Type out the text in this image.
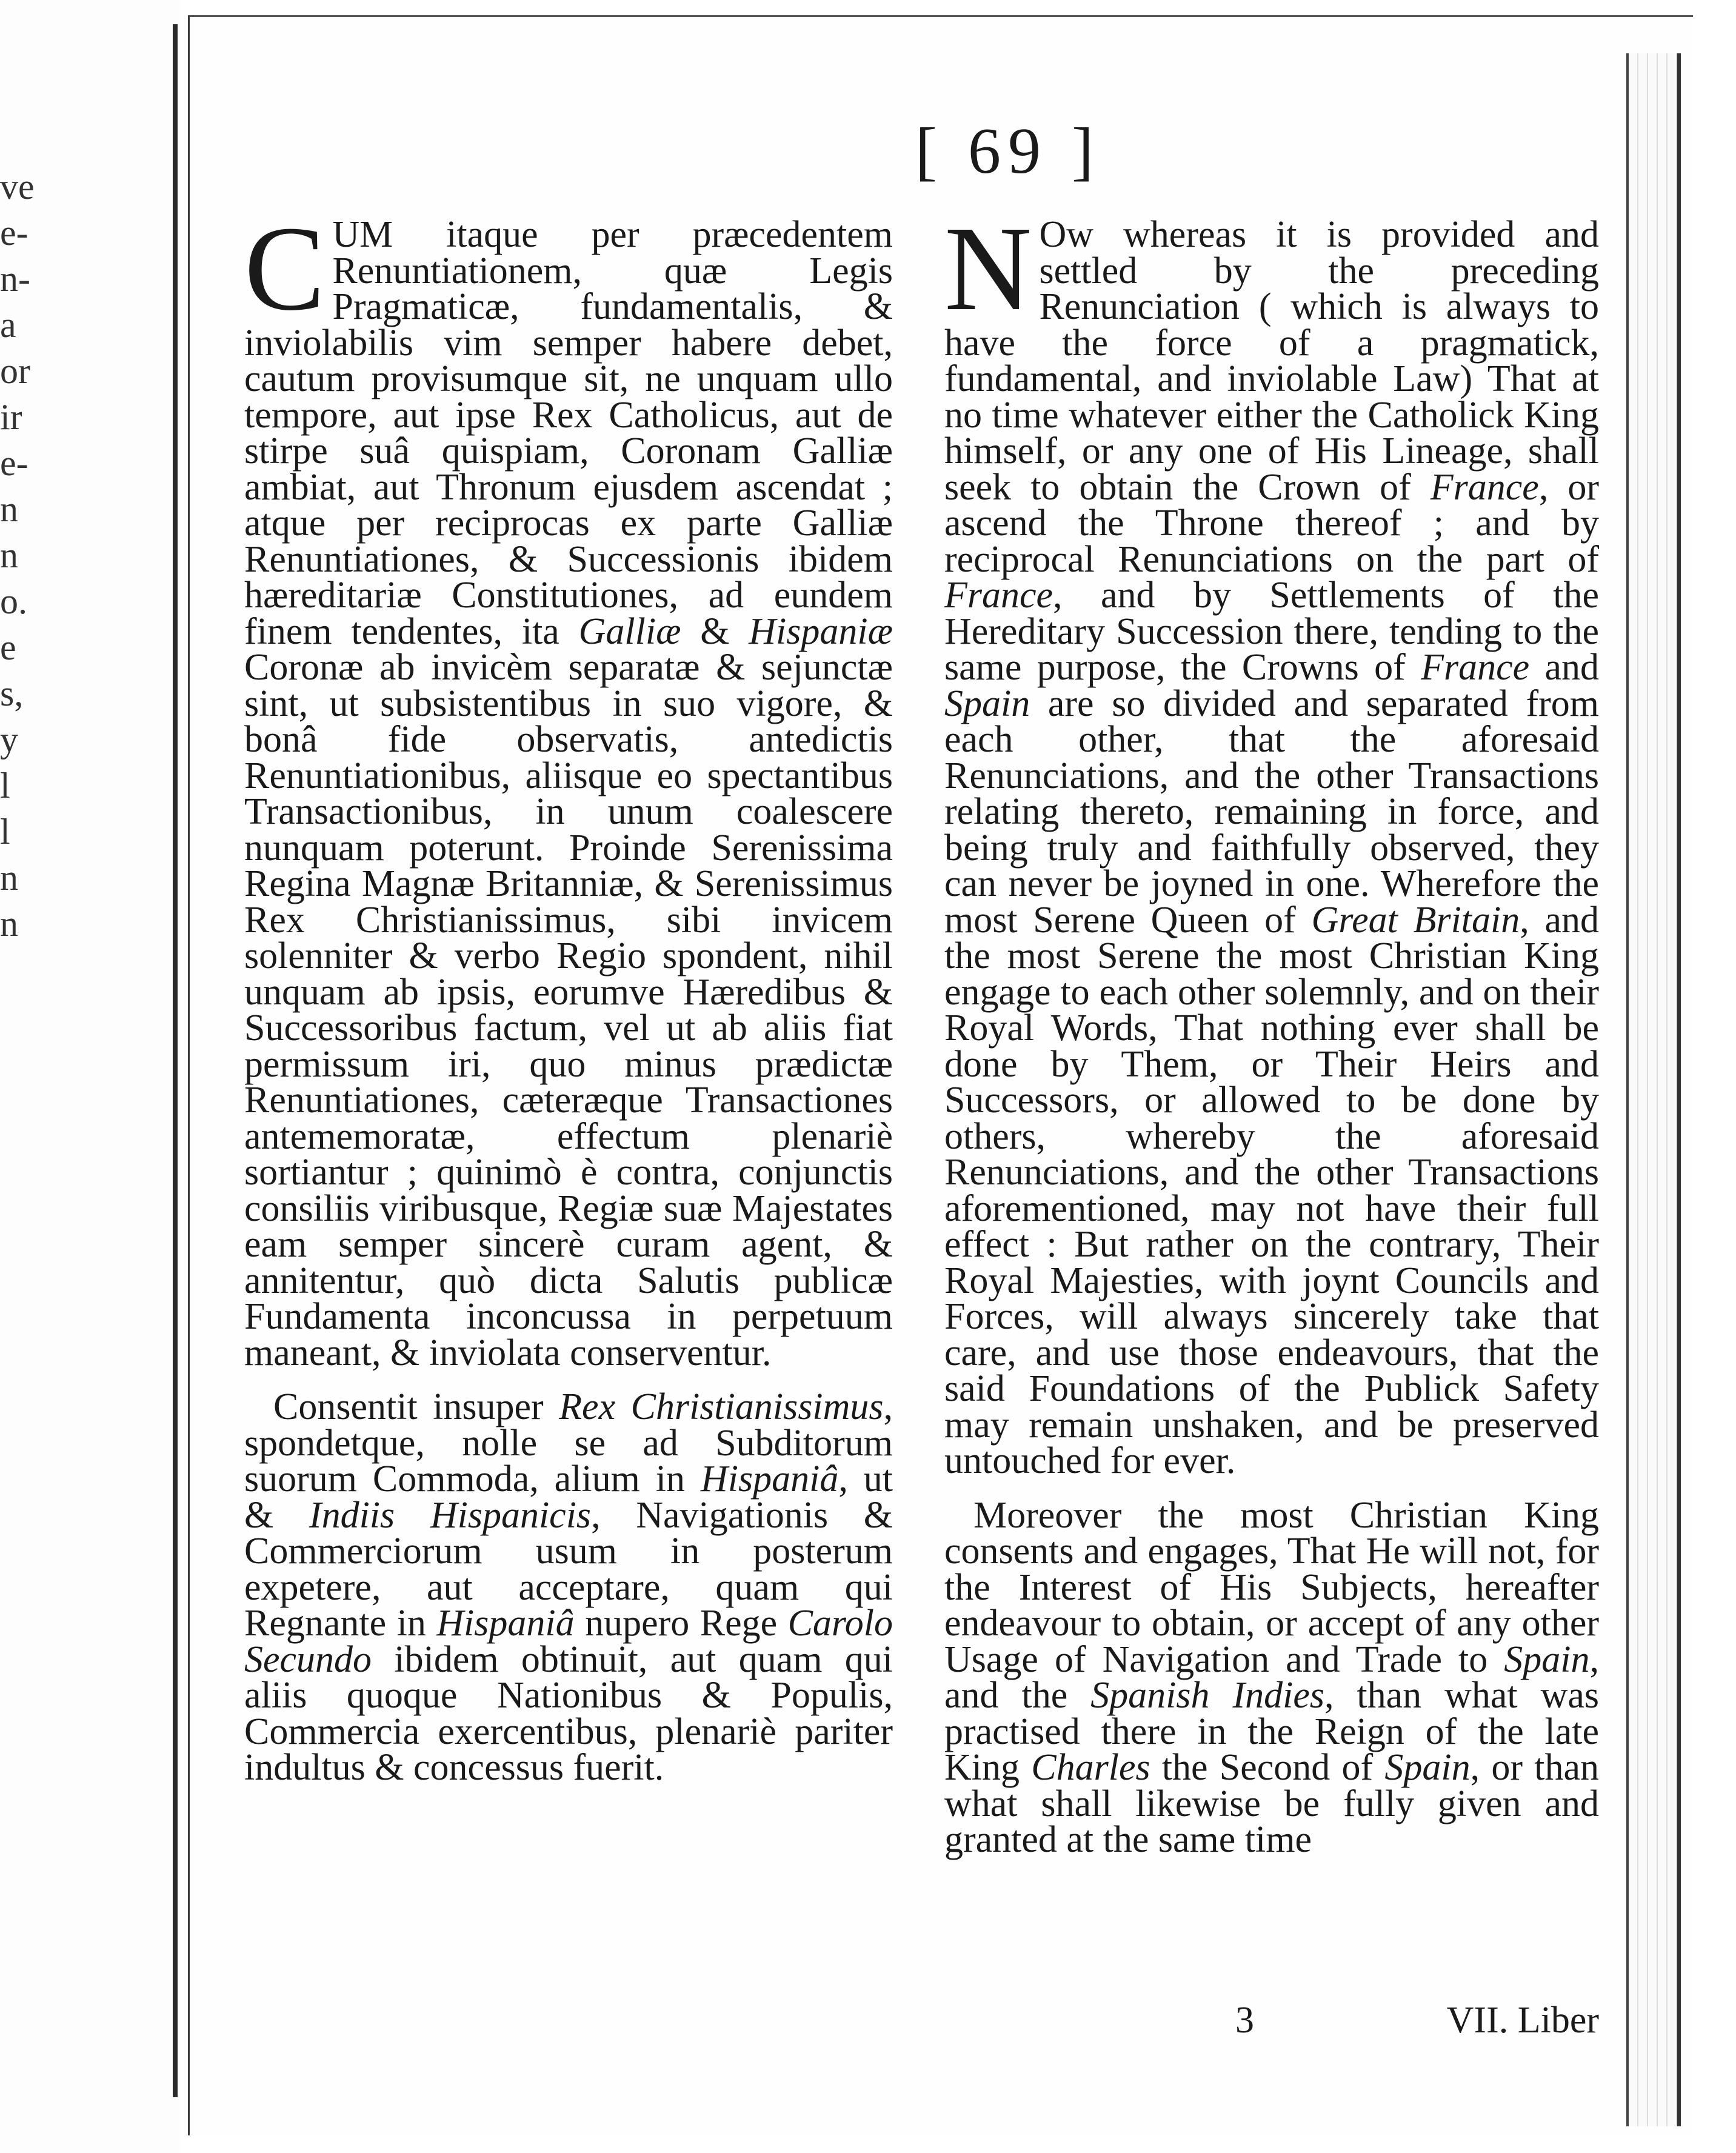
ve
e-
n-
a
or
ir
e-
n
n
o.
e
s,
y
l
l
n
n
[ 69 ]

CUM itaque per præcedentem Renuntiationem, quæ Legis Pragmaticæ, fundamentalis, & inviolabilis vim semper habere debet, cautum provisumque sit, ne unquam ullo tempore, aut ipse Rex Catholicus, aut de stirpe suâ quispiam, Coronam Galliæ ambiat, aut Thronum ejusdem ascendat ; atque per reciprocas ex parte Galliæ Renuntiationes, & Successionis ibidem hæreditariæ Constitutiones, ad eundem finem tendentes, ita Galliæ & Hispaniæ Coronæ ab invicèm separatæ & sejunctæ sint, ut subsistentibus in suo vigore, & bonâ fide observatis, antedictis Renuntiationibus, aliisque eo spectantibus Transactionibus, in unum coalescere nunquam poterunt. Proinde Serenissima Regina Magnæ Britanniæ, & Serenissimus Rex Christianissimus, sibi invicem solenniter & verbo Regio spondent, nihil unquam ab ipsis, eorumve Hæredibus & Successoribus factum, vel ut ab aliis fiat permissum iri, quo minus prædictæ Renuntiationes, cæteræque Transactiones antememoratæ, effectum plenariè sortiantur ; quinimò è contra, conjunctis consiliis viribusque, Regiæ suæ Majestates eam semper sincerè curam agent, & annitentur, quò dicta Salutis publicæ Fundamenta inconcussa in perpetuum maneant, & inviolata conserventur.

Consentit insuper Rex Christianissimus, spondetque, nolle se ad Subditorum suorum Commoda, alium in Hispaniâ, ut & Indiis Hispanicis, Navigationis & Commerciorum usum in posterum expetere, aut acceptare, quam qui Regnante in Hispaniâ nupero Rege Carolo Secundo ibidem obtinuit, aut quam qui aliis quoque Nationibus & Populis, Commercia exercentibus, plenariè pariter indultus & concessus fuerit.

N Ow whereas it is provided and settled by the preceding Renunciation ( which is always to have the force of a pragmatick, fundamental, and inviolable Law) That at no time whatever either the Catholick King himself, or any one of His Lineage, shall seek to obtain the Crown of France, or ascend the Throne thereof ; and by reciprocal Renunciations on the part of France, and by Settlements of the Hereditary Succession there, tending to the same purpose, the Crowns of France and Spain are so divided and separated from each other, that the aforesaid Renunciations, and the other Transactions relating thereto, remaining in force, and being truly and faithfully observed, they can never be joyned in one. Wherefore the most Serene Queen of Great Britain, and the most Serene the most Christian King engage to each other solemnly, and on their Royal Words, That nothing ever shall be done by Them, or Their Heirs and Successors, or allowed to be done by others, whereby the aforesaid Renunciations, and the other Transactions aforementioned, may not have their full effect : But rather on the contrary, Their Royal Majesties, with joynt Councils and Forces, will always sincerely take that care, and use those endeavours, that the said Foundations of the Publick Safety may remain unshaken, and be preserved untouched for ever.

Moreover the most Christian King consents and engages, That He will not, for the Interest of His Subjects, hereafter endeavour to obtain, or accept of any other Usage of Navigation and Trade to Spain, and the Spanish Indies, than what was practised there in the Reign of the late King Charles the Second of Spain, or than what shall likewise be fully given and granted at the same time

3	VII. Liber
